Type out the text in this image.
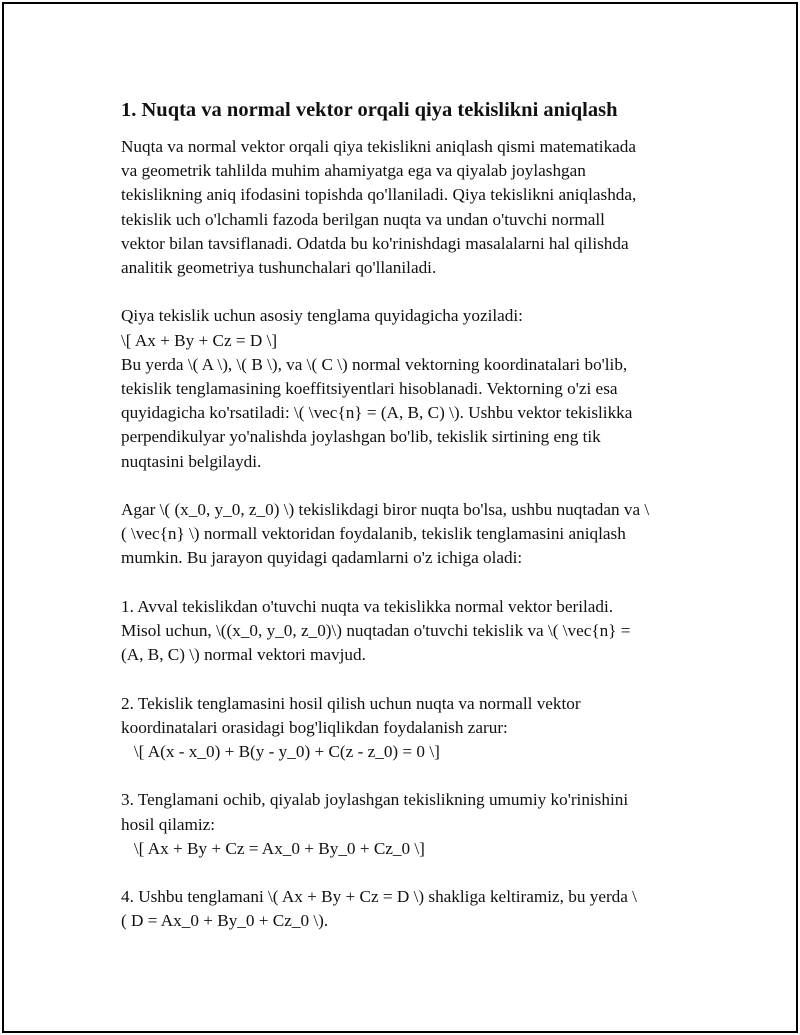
1. Nuqta va normal vektor orqali qiya tekislikni aniqlash
Nuqta va normal vektor orqali qiya tekislikni aniqlash qismi matematikada
va geometrik tahlilda muhim ahamiyatga ega va qiyalab joylashgan
tekislikning aniq ifodasini topishda qo'llaniladi. Qiya tekislikni aniqlashda,
tekislik uch o'lchamli fazoda berilgan nuqta va undan o'tuvchi normall
vektor bilan tavsiflanadi. Odatda bu ko'rinishdagi masalalarni hal qilishda
analitik geometriya tushunchalari qo'llaniladi.
Qiya tekislik uchun asosiy tenglama quyidagicha yoziladi:
\[ Ax + By + Cz = D \]
Bu yerda \( A \), \( B \), va \( C \) normal vektorning koordinatalari bo'lib,
tekislik tenglamasining koeffitsiyentlari hisoblanadi. Vektorning o'zi esa
quyidagicha ko'rsatiladi: \( \vec{n} = (A, B, C) \). Ushbu vektor tekislikka
perpendikulyar yo'nalishda joylashgan bo'lib, tekislik sirtining eng tik
nuqtasini belgilaydi.
Agar \( (x_0, y_0, z_0) \) tekislikdagi biror nuqta bo'lsa, ushbu nuqtadan va \
( \vec{n} \) normall vektoridan foydalanib, tekislik tenglamasini aniqlash
mumkin. Bu jarayon quyidagi qadamlarni o'z ichiga oladi:
1. Avval tekislikdan o'tuvchi nuqta va tekislikka normal vektor beriladi.
Misol uchun, \((x_0, y_0, z_0)\) nuqtadan o'tuvchi tekislik va \( \vec{n} =
(A, B, C) \) normal vektori mavjud.
2. Tekislik tenglamasini hosil qilish uchun nuqta va normall vektor
koordinatalari orasidagi bog'liqlikdan foydalanish zarur:
\[ A(x - x_0) + B(y - y_0) + C(z - z_0) = 0 \]
3. Tenglamani ochib, qiyalab joylashgan tekislikning umumiy ko'rinishini
hosil qilamiz:
\[ Ax + By + Cz = Ax_0 + By_0 + Cz_0 \]
4. Ushbu tenglamani \( Ax + By + Cz = D \) shakliga keltiramiz, bu yerda \
( D = Ax_0 + By_0 + Cz_0 \).
